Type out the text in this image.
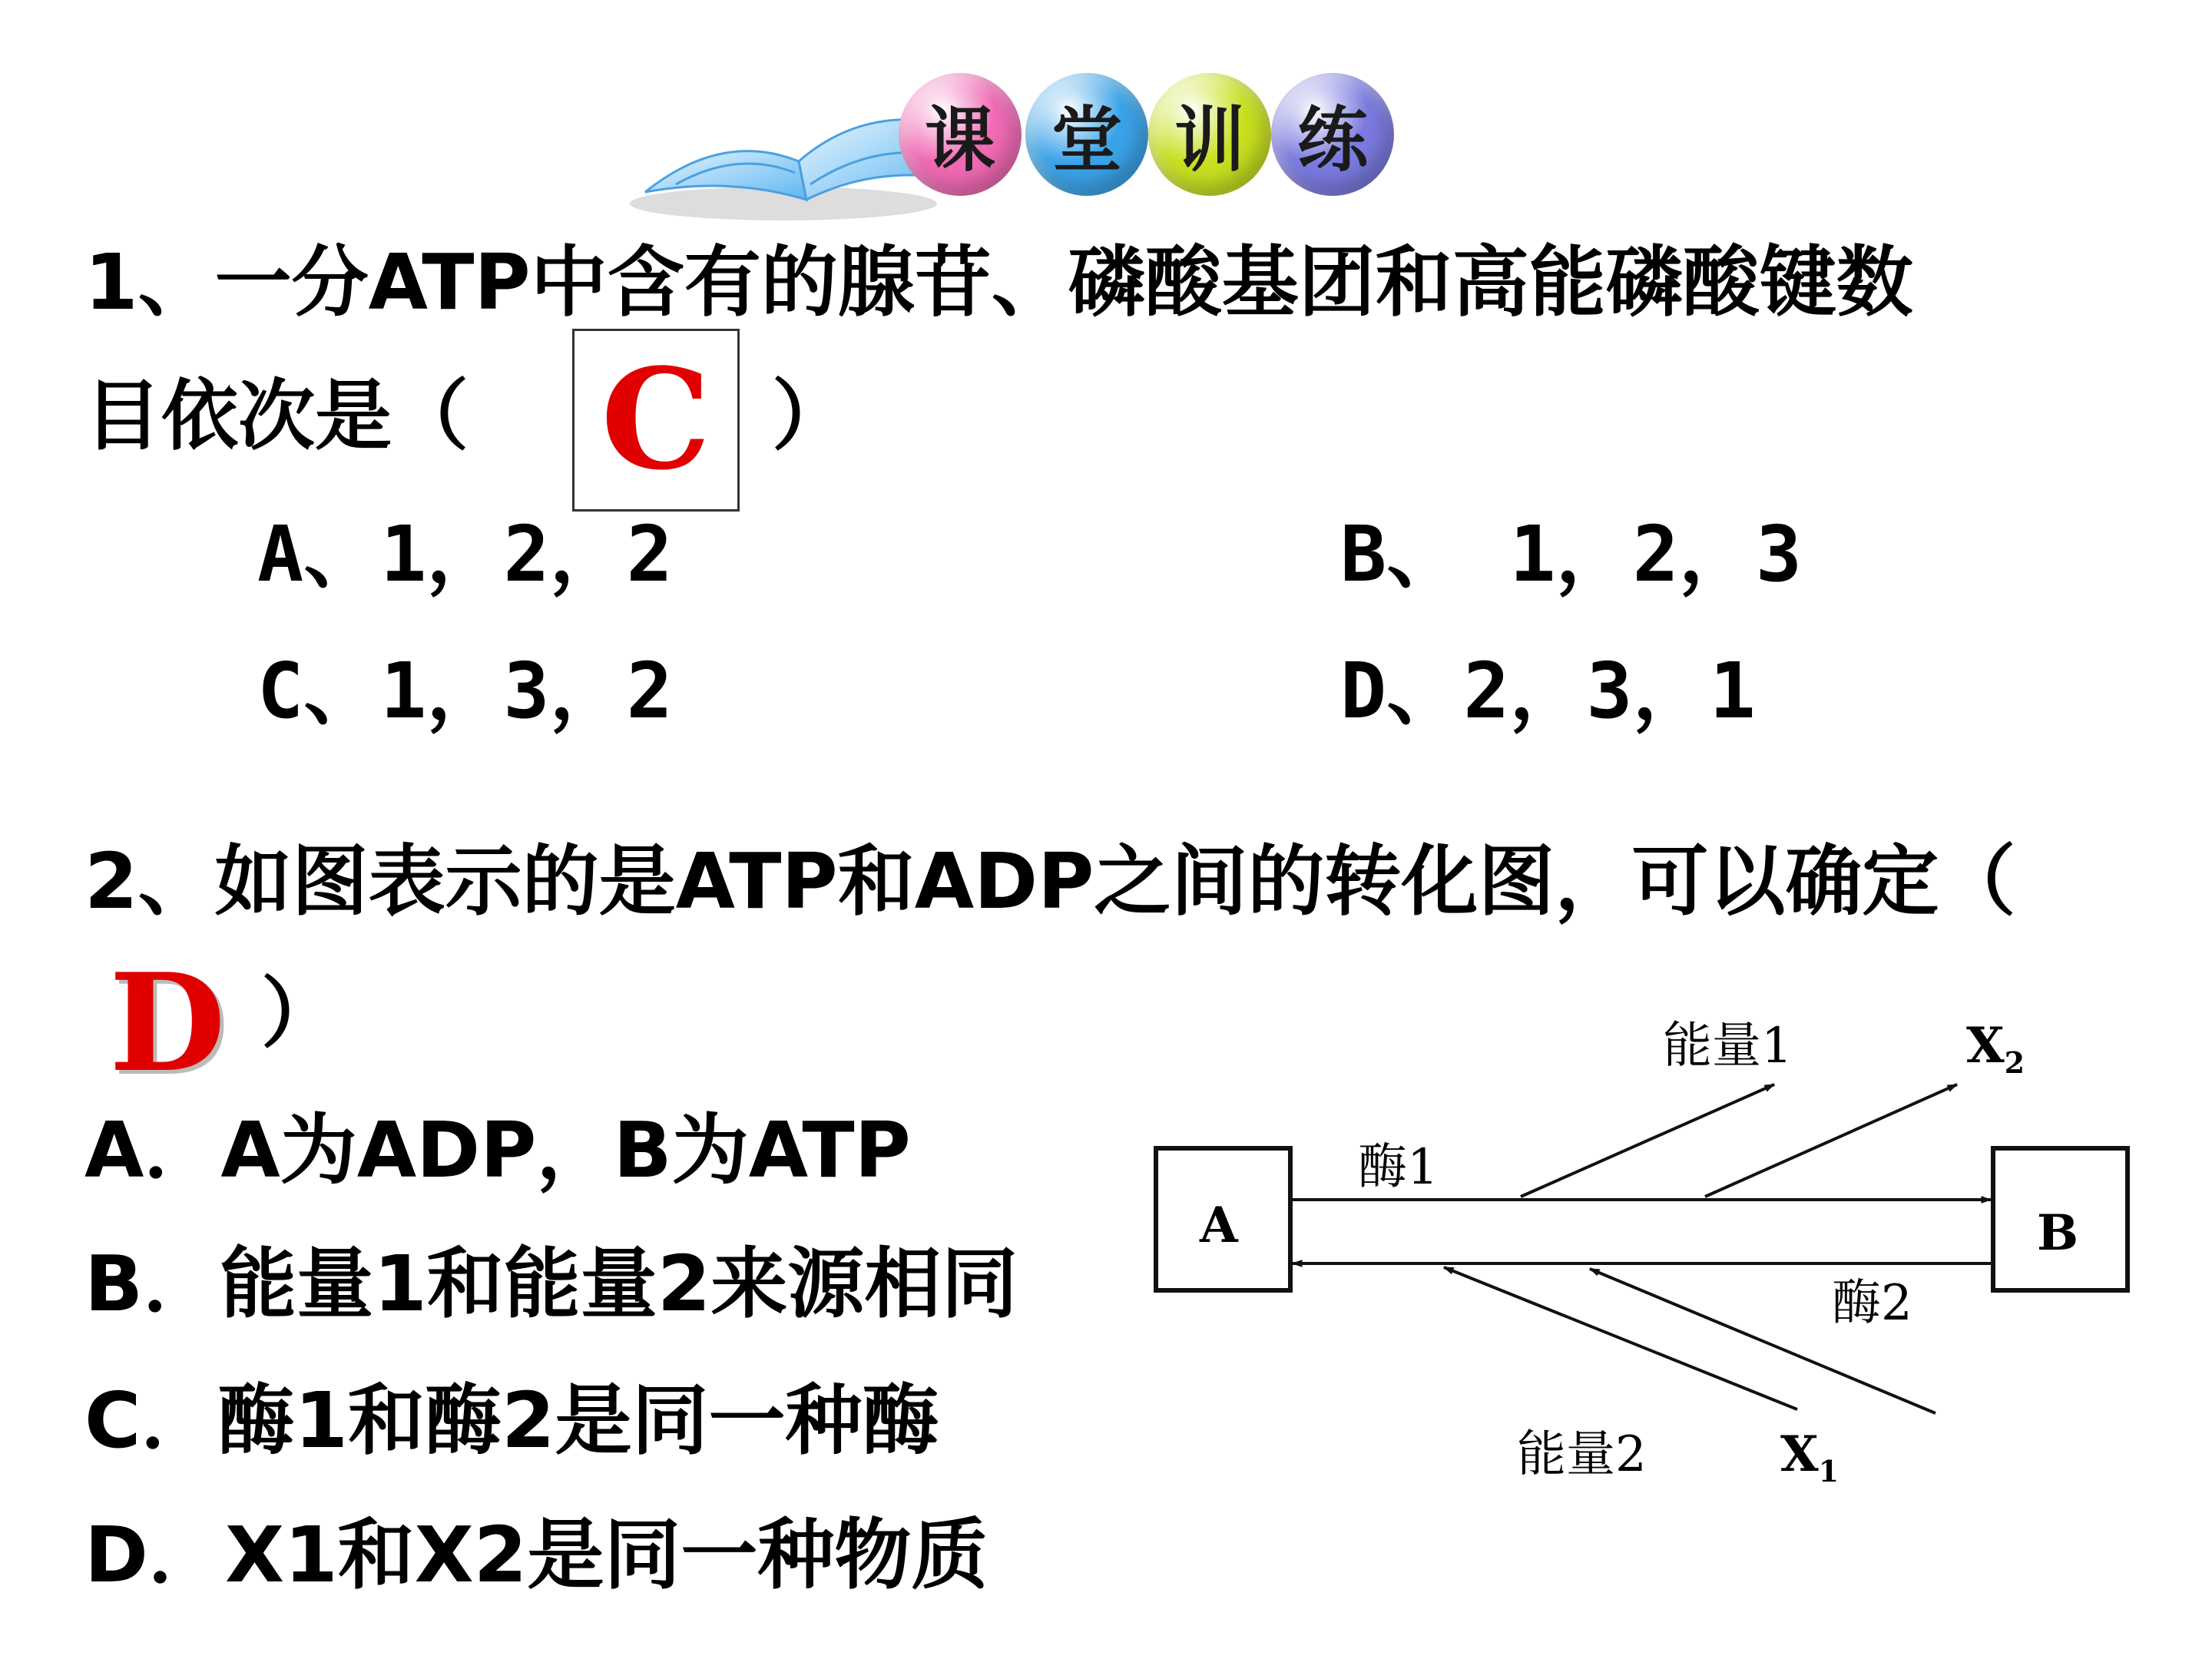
课 堂 训 练
1、一分ATP中含有的腺苷、磷酸基团和高能磷酸键数
目依次是（ C ）
A、1，2，2	B、 1，2，3
C、1，3，2	D、2，3，1
2、如图表示的是ATP和ADP之间的转化图，可以确定（
D ）
A．A为ADP，B为ATP
B．能量1和能量2来源相同
C．酶1和酶2是同一种酶
D．X1和X2是同一种物质
A	B
酶1
酶2
能量1
能量2
$X_2$
$X_1$
